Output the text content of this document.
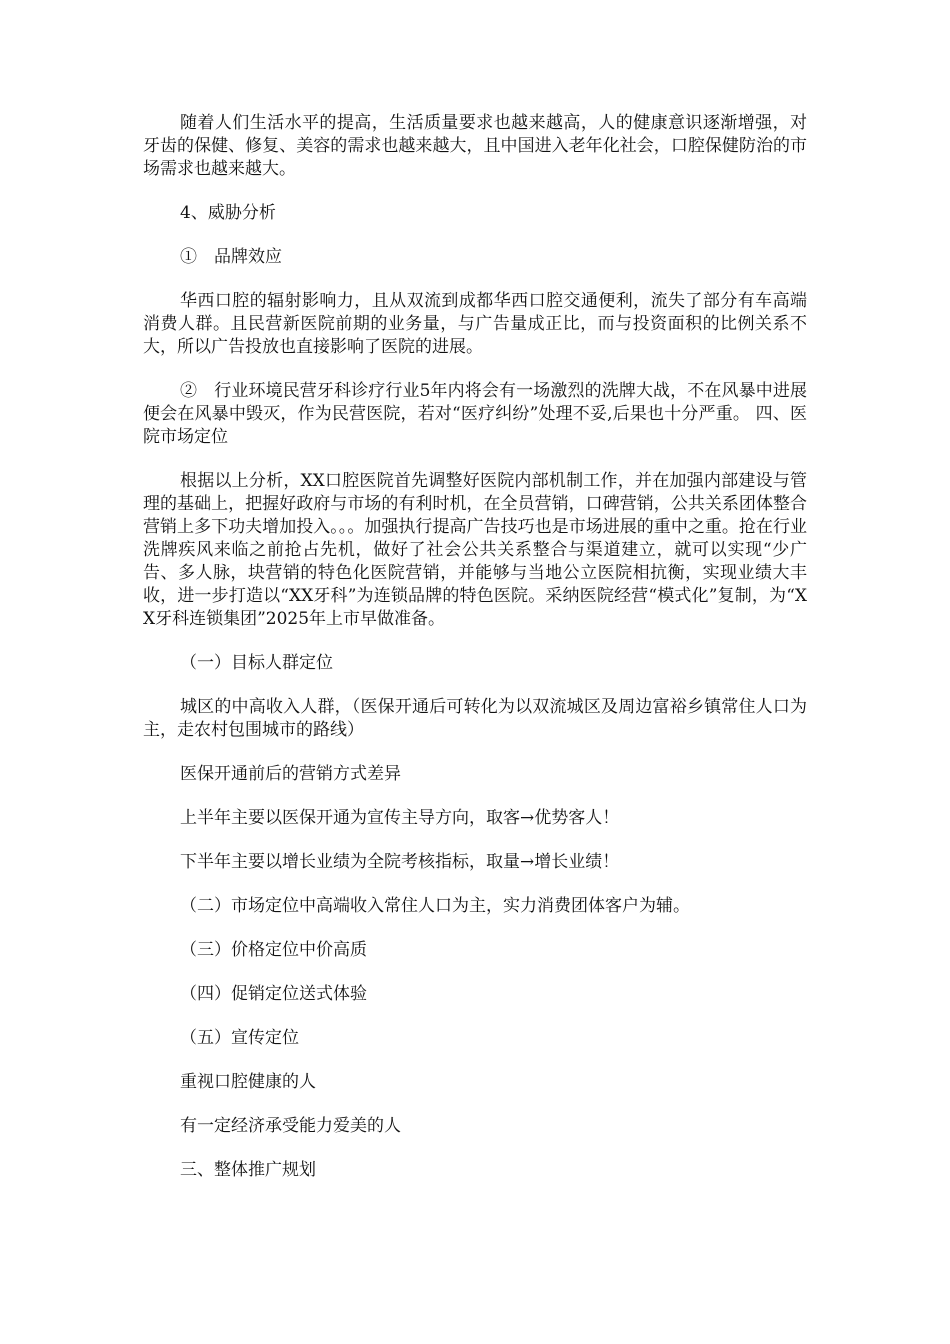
随着人们生活水平的提高，生活质量要求也越来越高，人的健康意识逐渐增强，对牙齿的保健、修复、美容的需求也越来越大，且中国进入老年化社会，口腔保健防治的市场需求也越来越大。

4、威胁分析

①　品牌效应

华西口腔的辐射影响力，且从双流到成都华西口腔交通便利，流失了部分有车高端消费人群。且民营新医院前期的业务量，与广告量成正比，而与投资面积的比例关系不大，所以广告投放也直接影响了医院的进展。

②　行业环境民营牙科诊疗行业5年内将会有一场激烈的洗牌大战，不在风暴中进展便会在风暴中毁灭，作为民营医院，若对“医疗纠纷”处理不妥,后果也十分严重。 四、医院市场定位

根据以上分析，XX口腔医院首先调整好医院内部机制工作，并在加强内部建设与管理的基础上，把握好政府与市场的有利时机，在全员营销，口碑营销，公共关系团体整合营销上多下功夫增加投入。。。加强执行提高广告技巧也是市场进展的重中之重。抢在行业洗牌疾风来临之前抢占先机，做好了社会公共关系整合与渠道建立，就可以实现“少广告、多人脉，块营销的特色化医院营销，并能够与当地公立医院相抗衡，实现业绩大丰收，进一步打造以“XX牙科”为连锁品牌的特色医院。采纳医院经营“模式化”复制，为“XX牙科连锁集团”2025年上市早做准备。

（一）目标人群定位

城区的中高收入人群，（医保开通后可转化为以双流城区及周边富裕乡镇常住人口为主，走农村包围城市的路线）

医保开通前后的营销方式差异

上半年主要以医保开通为宣传主导方向，取客→优势客人！

下半年主要以增长业绩为全院考核指标，取量→增长业绩！

（二）市场定位中高端收入常住人口为主，实力消费团体客户为辅。

（三）价格定位中价高质

（四）促销定位送式体验

（五）宣传定位

重视口腔健康的人

有一定经济承受能力爱美的人

三、整体推广规划
